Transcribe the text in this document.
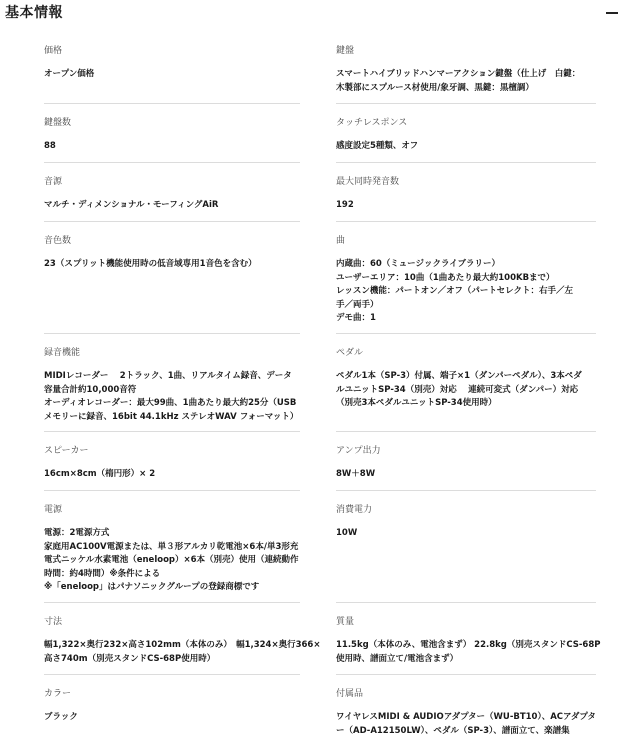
基本情報
価格
オープン価格
鍵盤
スマートハイブリッドハンマーアクション鍵盤（仕上げ　白鍵：
木製部にスプルース材使用/象牙調、黒鍵：黒檀調）
鍵盤数
88
タッチレスポンス
感度設定5種類、オフ
音源
マルチ・ディメンショナル・モーフィングAiR
最大同時発音数
192
音色数
23（スプリット機能使用時の低音域専用1音色を含む）
曲
内蔵曲：60（ミュージックライブラリー）
ユーザーエリア：10曲（1曲あたり最大約100KBまで）
レッスン機能：パートオン／オフ（パートセレクト：右手／左
手／両手）
デモ曲：1
録音機能
MIDIレコーダー　 2トラック、1曲、リアルタイム録音、データ
容量合計約10,000音符
オーディオレコーダー：最大99曲、1曲あたり最大約25分（USB
メモリーに録音、16bit 44.1kHz ステレオWAV フォーマット）
ペダル
ペダル1本（SP-3）付属、端子×1（ダンパーペダル）、3本ペダ
ルユニットSP-34（別売）対応　 連続可変式（ダンパー）対応
（別売3本ペダルユニットSP-34使用時）
スピーカー
16cm×8cm（楕円形）× 2
アンプ出力
8W＋8W
電源
電源：2電源方式
家庭用AC100V電源または、単３形アルカリ乾電池×6本/単3形充
電式ニッケル水素電池（eneloop）×6本（別売）使用（連続動作
時間：約4時間）※条件による
※「eneloop」はパナソニックグループの登録商標です
消費電力
10W
寸法
幅1,322×奥行232×高さ102mm（本体のみ）　幅1,324×奥行366×
高さ740m（別売スタンドCS-68P使用時）
質量
11.5kg（本体のみ、電池含まず） 22.8kg（別売スタンドCS-68P
使用時、譜面立て/電池含まず）
カラー
ブラック
付属品
ワイヤレスMIDI & AUDIOアダプター（WU-BT10）、ACアダプタ
ー（AD-A12150LW）、ペダル（SP-3）、譜面立て、楽譜集
